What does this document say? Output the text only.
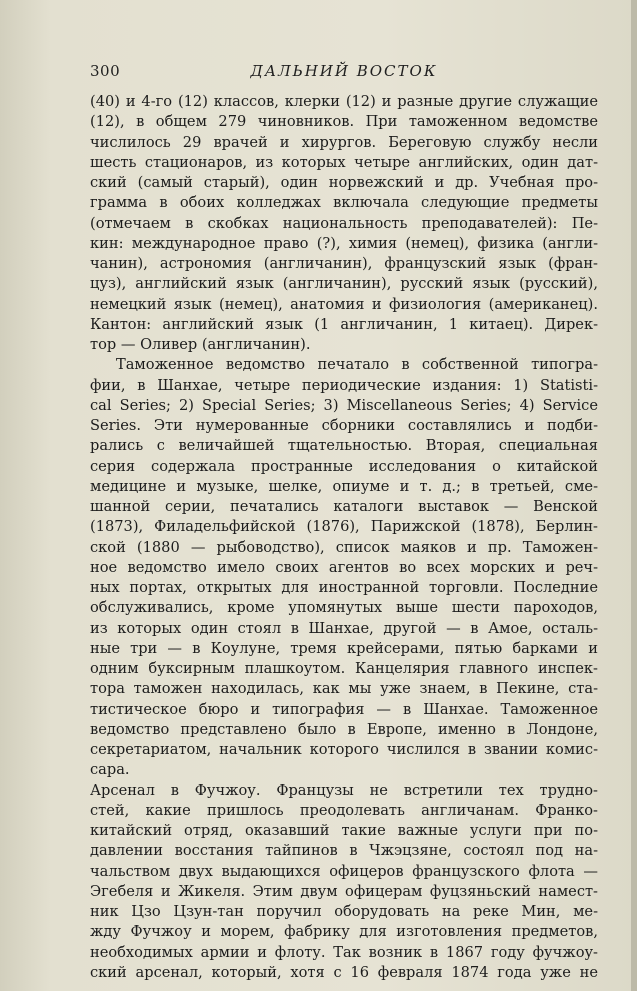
300	ДАЛЬНИЙ ВОСТОК
(40) и 4-го (12) классов, клерки (12) и разные другие служащие
(12), в общем 279 чиновников. При таможенном ведомстве
числилось 29 врачей и хирургов. Береговую службу несли
шесть стационаров, из которых четыре английских, один дат-
ский (самый старый), один норвежский и др. Учебная про-
грамма в обоих колледжах включала следующие предметы
(отмечаем в скобках национальность преподавателей): Пе-
кин: международное право (?), химия (немец), физика (англи-
чанин), астрономия (англичанин), французский язык (фран-
цуз), английский язык (англичанин), русский язык (русский),
немецкий язык (немец), анатомия и физиология (американец).
Кантон: английский язык (1 англичанин, 1 китаец). Дирек-
тор — Оливер (англичанин).
Таможенное ведомство печатало в собственной типогра-
фии, в Шанхае, четыре периодические издания: 1) Statisti-
cal Series; 2) Special Series; 3) Miscellaneous Series; 4) Service
Series. Эти нумерованные сборники составлялись и подби-
рались с величайшей тщательностью. Вторая, специальная
серия содержала пространные исследования о китайской
медицине и музыке, шелке, опиуме и т. д.; в третьей, сме-
шанной серии, печатались каталоги выставок — Венской
(1873), Филадельфийской (1876), Парижской (1878), Берлин-
ской (1880 — рыбоводство), список маяков и пр. Таможен-
ное ведомство имело своих агентов во всех морских и реч-
ных портах, открытых для иностранной торговли. Последние
обслуживались, кроме упомянутых выше шести пароходов,
из которых один стоял в Шанхае, другой — в Амое, осталь-
ные три — в Коулуне, тремя крейсерами, пятью барками и
одним буксирным плашкоутом. Канцелярия главного инспек-
тора таможен находилась, как мы уже знаем, в Пекине, ста-
тистическое бюро и типография — в Шанхае. Таможенное
ведомство представлено было в Европе, именно в Лондоне,
секретариатом, начальник которого числился в звании комис-
сара.
Арсенал в Фучжоу. Французы не встретили тех трудно-
стей, какие пришлось преодолевать англичанам. Франко-
китайский отряд, оказавший такие важные услуги при по-
давлении восстания тайпинов в Чжэцзяне, состоял под на-
чальством двух выдающихся офицеров французского флота —
Эгебеля и Жикеля. Этим двум офицерам фуцзяньский намест-
ник Цзо Цзун-тан поручил оборудовать на реке Мин, ме-
жду Фучжоу и морем, фабрику для изготовления предметов,
необходимых армии и флоту. Так возник в 1867 году фучжоу-
ский арсенал, который, хотя с 16 февраля 1874 года уже не
